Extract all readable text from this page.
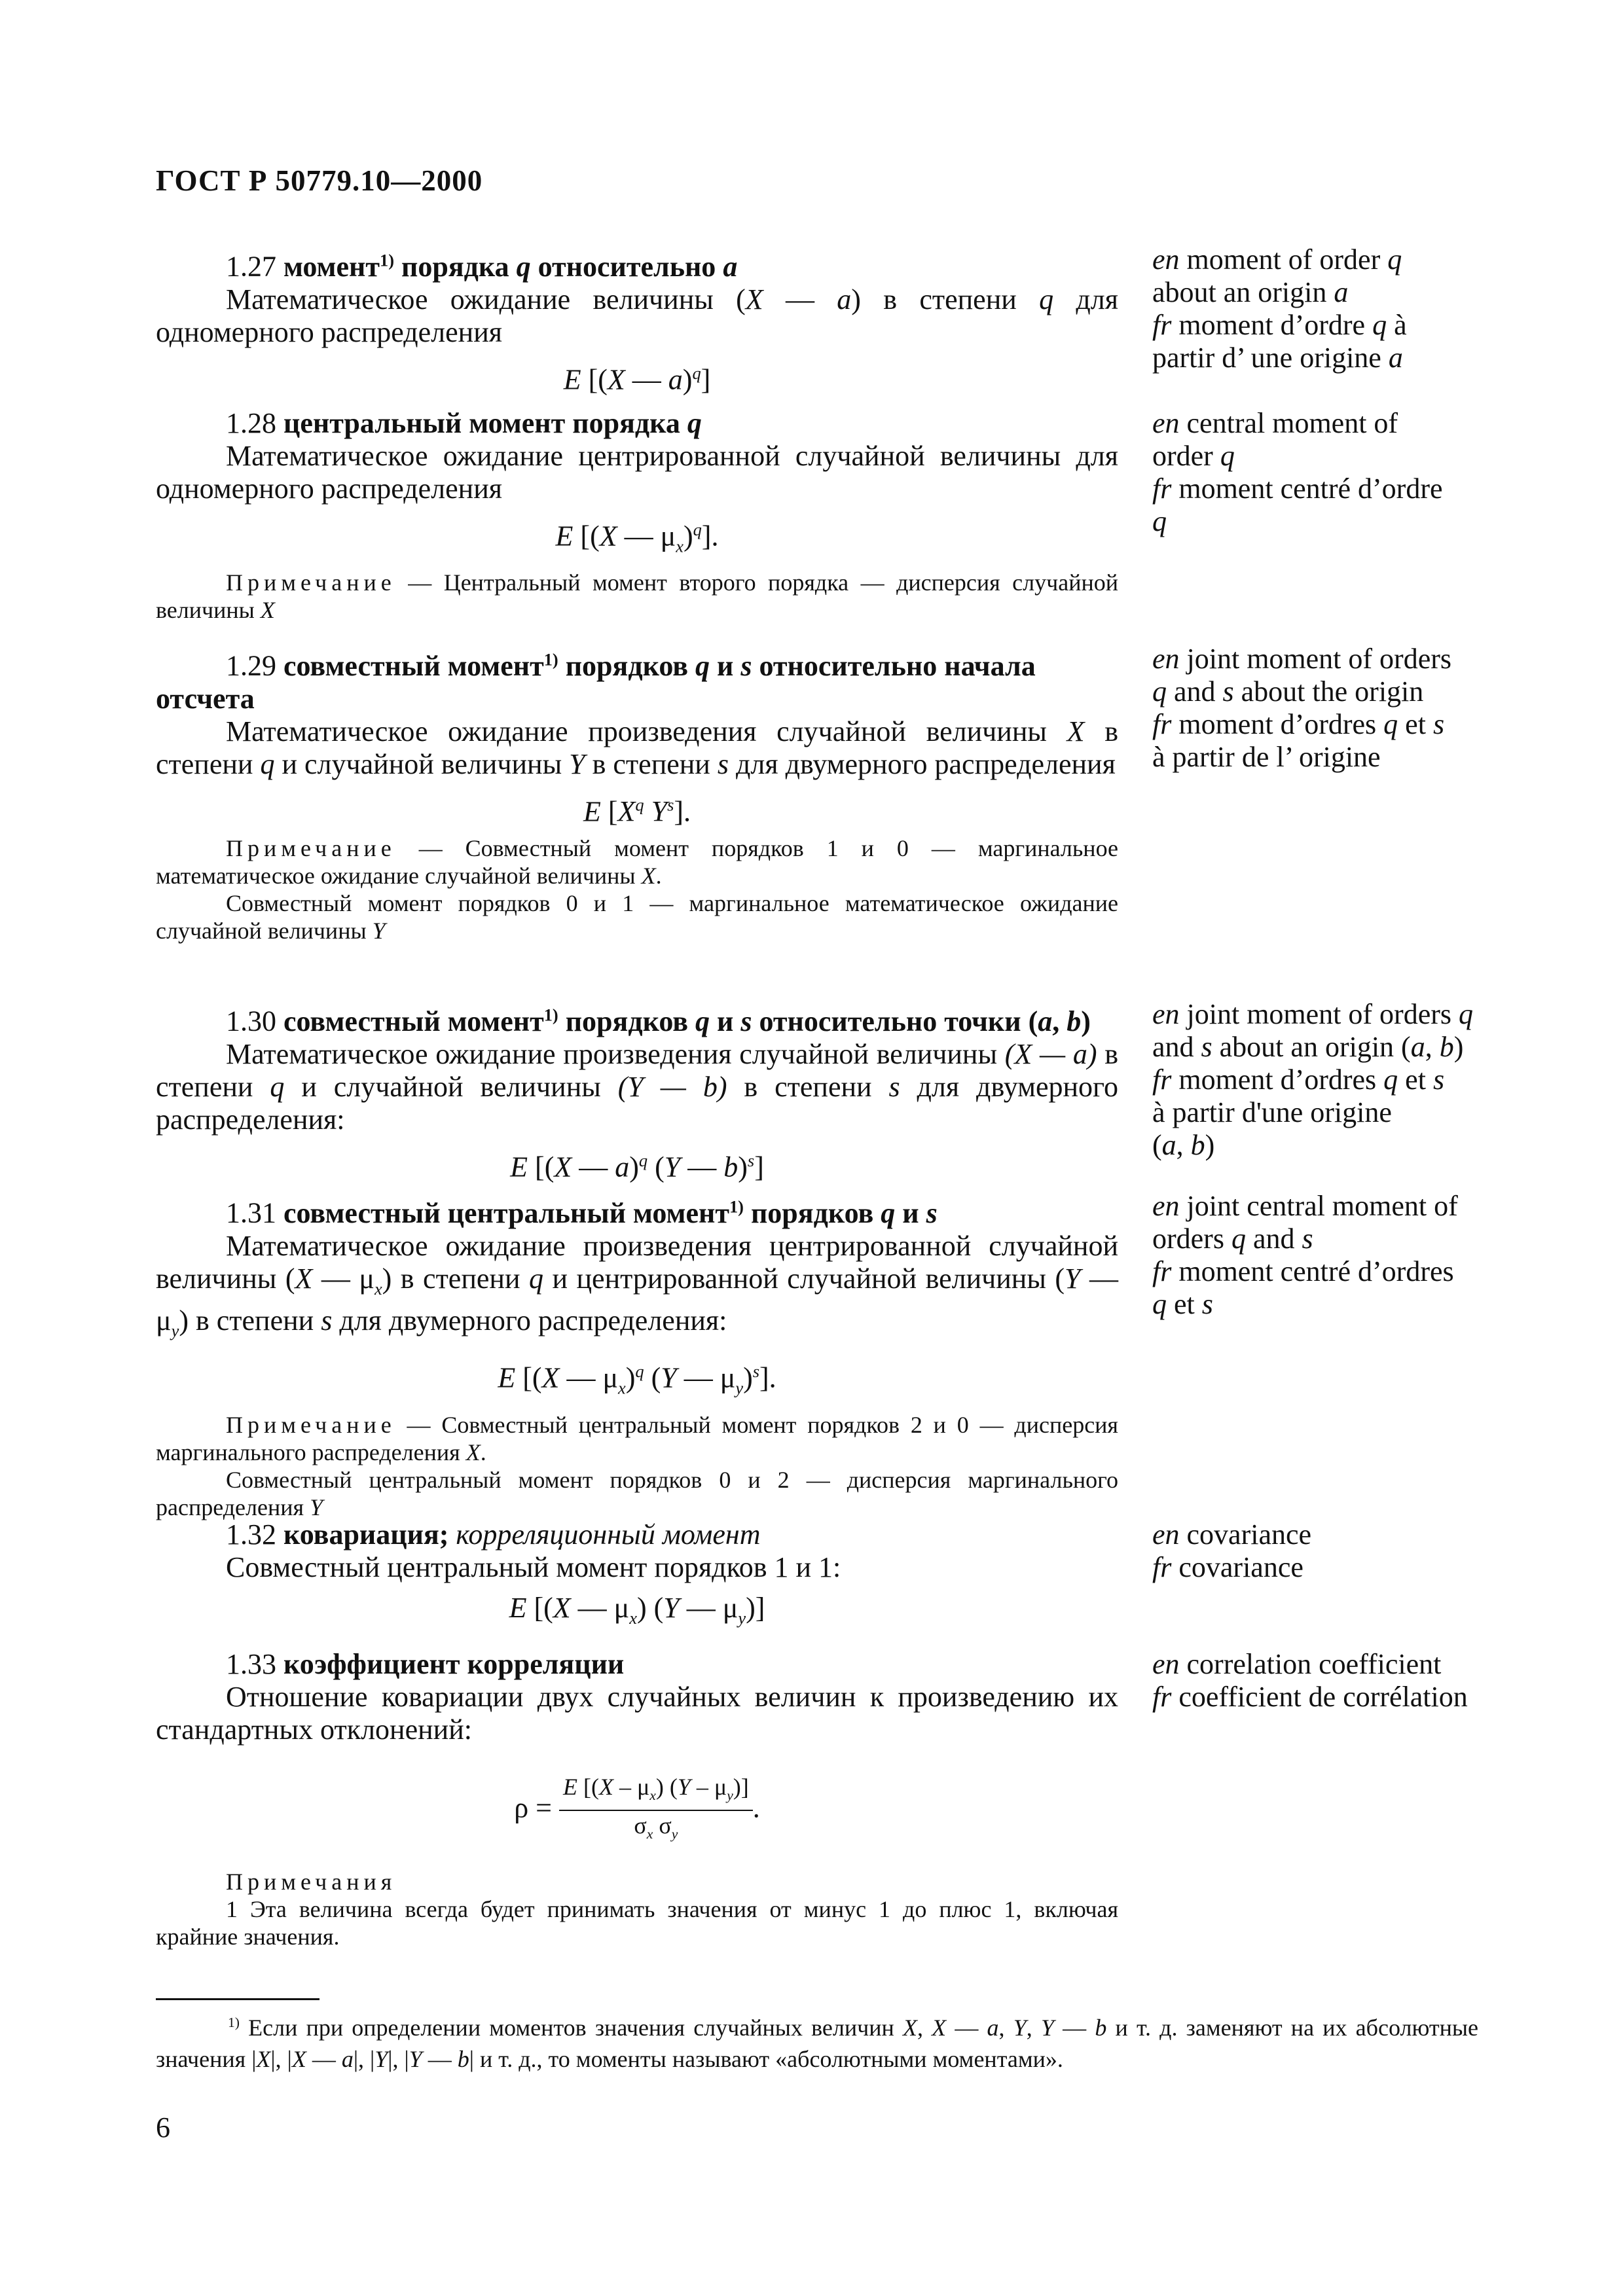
ГОСТ Р 50779.10—2000

1.27 момент$^{1)}$ порядка q относительно a

Математическое ожидание величины (X — a) в степени q для одномерного распределения

E [(X — a)$^q$]
en moment of order q
about an origin a
fr moment d’ordre q à
partir d’ une origine a

1.28 центральный момент порядка q

Математическое ожидание центрированной случайной величины для одномерного распределения

E [(X — $\mu_x)^q$].

Примечание — Центральный момент второго порядка — дисперсия случайной величины X

en central moment of
order q
fr moment centré d’ordre
q

1.29 совместный момент$^{1)}$ порядков q и s относительно начала отсчета

Математическое ожидание произведения случайной величины X в степени q и случайной величины Y в степени s для двумерного распределения

E [$X^q$ $Y^s$].

Примечание — Совместный момент порядков 1 и 0 — маргинальное математическое ожидание случайной величины X.

Совместный момент порядков 0 и 1 — маргинальное математическое ожидание случайной величины Y

en joint moment of orders
q and s about the origin
fr moment d’ordres q et s
à partir de l’ origine

1.30 совместный момент$^{1)}$ порядков q и s относительно точки (a, b)

Математическое ожидание произведения случайной величины (X — a) в степени q и случайной величины (Y — b) в степени s для двумерного распределения:

E [(X — a)$^q$ (Y — b)$^s$]
en joint moment of orders q
and s about an origin (a, b)
fr moment d’ordres q et s
à partir d'une origine
(a, b)

1.31 совместный центральный момент$^{1)}$ порядков q и s

Математическое ожидание произведения центрированной случайной величины (X — $\mu_x$) в степени q и центрированной случайной величины (Y — $\mu_y$) в степени s для двумерного распределения:

E [(X — $\mu_x)^q$ (Y — $\mu_y)^s$].

Примечание — Совместный центральный момент порядков 2 и 0 — дисперсия маргинального распределения X.

Совместный центральный момент порядков 0 и 2 — дисперсия маргинального распределения Y

en joint central moment of
orders q and s
fr moment centré d’ordres
q et s

1.32 ковариация; корреляционный момент

Совместный центральный момент порядков 1 и 1:

E [(X — $\mu_x$) (Y — $\mu_y$)]
en covariance
fr covariance

1.33 коэффициент корреляции

Отношение ковариации двух случайных величин к произведению их стандартных отклонений:

$\rho = \frac{E [(X - \mu_x) (Y - \mu_y)]}{\sigma_x \sigma_y}$ .

Примечания

1 Эта величина всегда будет принимать значения от минус 1 до плюс 1, включая крайние значения.

en correlation coefficient
fr coefficient de corrélation
$^{1)}$ Если при определении моментов значения случайных величин X, X — a, Y, Y — b и т. д. заменяют на их абсолютные значения |X|, |X — a|, |Y|, |Y — b| и т. д., то моменты называют «абсолютными моментами».
6
